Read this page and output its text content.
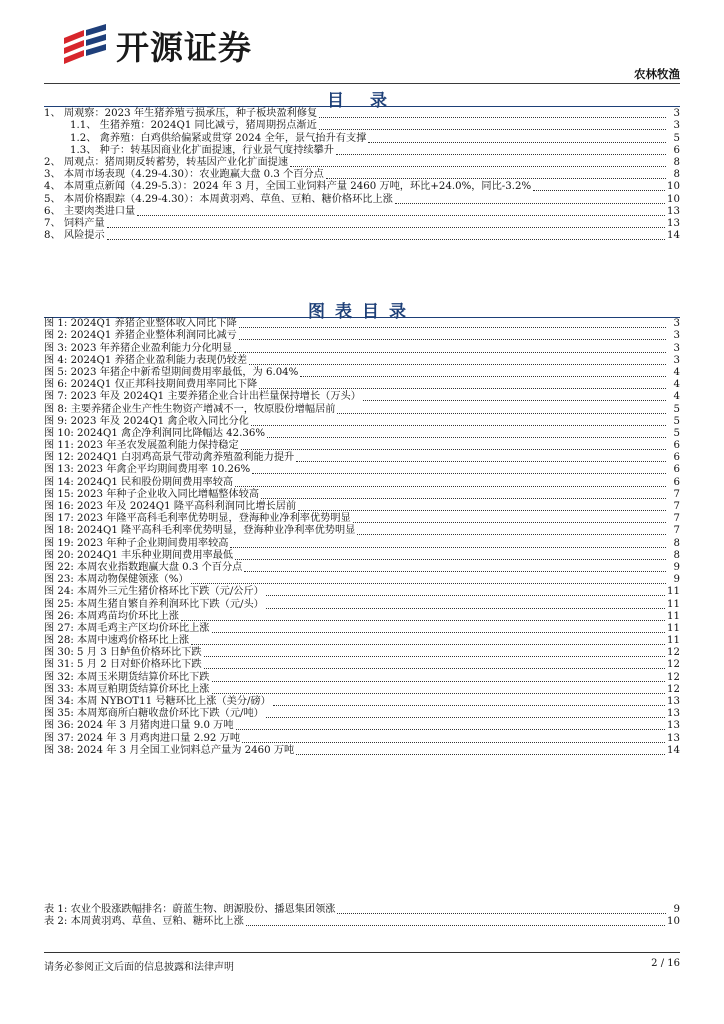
开源证券
农林牧渔
目 录
1、 周观察：2023 年生猪养殖亏损承压，种子板块盈利修复	3
1.1、 生猪养殖：2024Q1 同比减亏，猪周期拐点渐近	3
1.2、 禽养殖：白鸡供给偏紧或贯穿 2024 全年，景气抬升有支撑	5
1.3、 种子：转基因商业化扩面提速，行业景气度持续攀升	6
2、 周观点：猪周期反转蓄势，转基因产业化扩面提速	8
3、 本周市场表现（4.29-4.30）：农业跑赢大盘 0.3 个百分点	8
4、 本周重点新闻（4.29-5.3）：2024 年 3 月，全国工业饲料产量 2460 万吨，环比+24.0%，同比-3.2%	10
5、 本周价格跟踪（4.29-4.30）：本周黄羽鸡、草鱼、豆粕、糖价格环比上涨	10
6、 主要肉类进口量	13
7、 饲料产量	13
8、 风险提示	14
图表目录
图 1: 2024Q1 养猪企业整体收入同比下降	3
图 2: 2024Q1 养猪企业整体利润同比减亏	3
图 3: 2023 年养猪企业盈利能力分化明显	3
图 4: 2024Q1 养猪企业盈利能力表现仍较差	3
图 5: 2023 年猪企中新希望期间费用率最低，为 6.04%	4
图 6: 2024Q1 仅正邦科技期间费用率同比下降	4
图 7: 2023 年及 2024Q1 主要养猪企业合计出栏量保持增长（万头）	4
图 8: 主要养猪企业生产性生物资产增减不一，牧原股份增幅居前	5
图 9: 2023 年及 2024Q1 禽企收入同比分化	5
图 10: 2024Q1 禽企净利润同比降幅达 42.36%	5
图 11: 2023 年圣农发展盈利能力保持稳定	6
图 12: 2024Q1 白羽鸡高景气带动禽养殖盈利能力提升	6
图 13: 2023 年禽企平均期间费用率 10.26%	6
图 14: 2024Q1 民和股份期间费用率较高	6
图 15: 2023 年种子企业收入同比增幅整体较高	7
图 16: 2023 年及 2024Q1 隆平高科利润同比增长居前	7
图 17: 2023 年隆平高科毛利率优势明显，登海种业净利率优势明显	7
图 18: 2024Q1 隆平高科毛利率优势明显，登海种业净利率优势明显	7
图 19: 2023 年种子企业期间费用率较高	8
图 20: 2024Q1 丰乐种业期间费用率最低	8
图 22: 本周农业指数跑赢大盘 0.3 个百分点	9
图 23: 本周动物保健领涨（%）	9
图 24: 本周外三元生猪价格环比下跌（元/公斤）	11
图 25: 本周生猪自繁自养利润环比下跌（元/头）	11
图 26: 本周鸡苗均价环比上涨	11
图 27: 本周毛鸡主产区均价环比上涨	11
图 28: 本周中速鸡价格环比上涨	11
图 30: 5 月 3 日鲈鱼价格环比下跌	12
图 31: 5 月 2 日对虾价格环比下跌	12
图 32: 本周玉米期货结算价环比下跌	12
图 33: 本周豆粕期货结算价环比上涨	12
图 34: 本周 NYBOT11 号糖环比上涨（美分/磅）	13
图 35: 本周郑商所白糖收盘价环比下跌（元/吨）	13
图 36: 2024 年 3 月猪肉进口量 9.0 万吨	13
图 37: 2024 年 3 月鸡肉进口量 2.92 万吨	13
图 38: 2024 年 3 月全国工业饲料总产量为 2460 万吨	14
表 1: 农业个股涨跌幅排名：蔚蓝生物、朗源股份、播恩集团领涨	9
表 2: 本周黄羽鸡、草鱼、豆粕、糖环比上涨	10
请务必参阅正文后面的信息披露和法律声明	2 / 16
